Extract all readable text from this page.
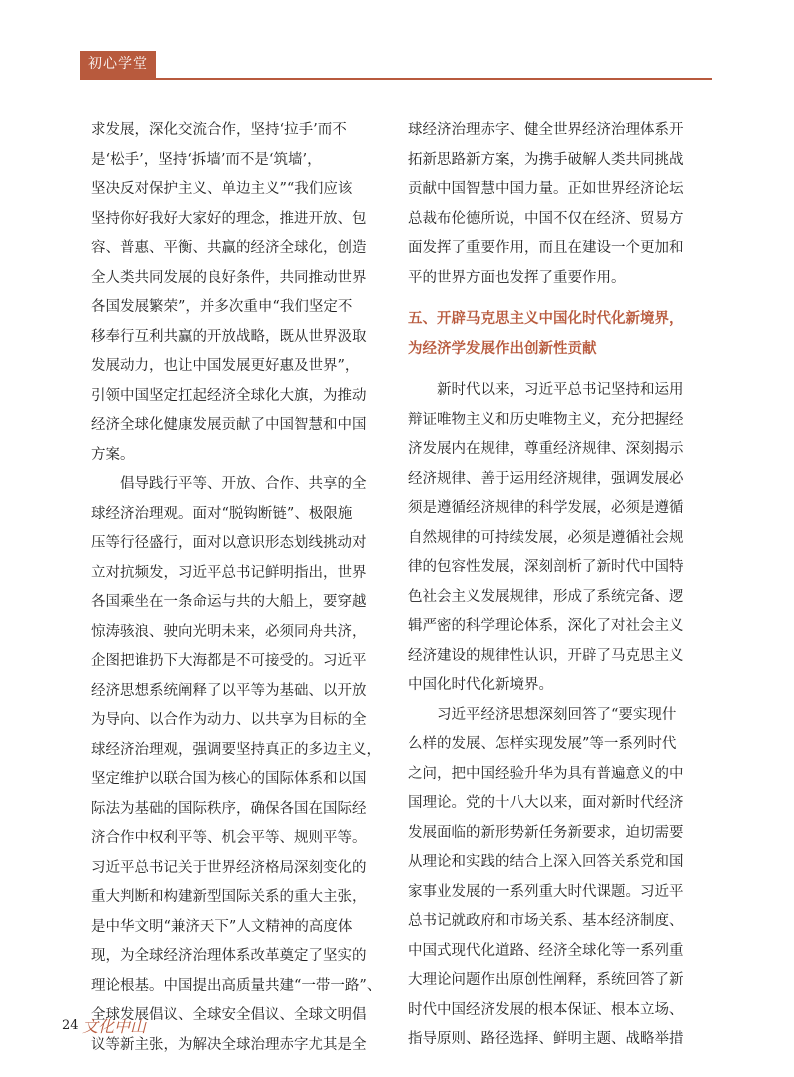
初心学堂

求发展，深化交流合作，坚持‘拉手’而不

是‘松手’，坚持‘拆墙’而不是‘筑墙’，

坚决反对保护主义、单边主义”“我们应该

坚持你好我好大家好的理念，推进开放、包

容、普惠、平衡、共赢的经济全球化，创造

全人类共同发展的良好条件，共同推动世界

各国发展繁荣”，并多次重申“我们坚定不

移奉行互利共赢的开放战略，既从世界汲取

发展动力，也让中国发展更好惠及世界”，

引领中国坚定扛起经济全球化大旗，为推动

经济全球化健康发展贡献了中国智慧和中国

方案。

　　倡导践行平等、开放、合作、共享的全

球经济治理观。面对“脱钩断链”、极限施

压等行径盛行，面对以意识形态划线挑动对

立对抗频发，习近平总书记鲜明指出，世界

各国乘坐在一条命运与共的大船上，要穿越

惊涛骇浪、驶向光明未来，必须同舟共济，

企图把谁扔下大海都是不可接受的。习近平

经济思想系统阐释了以平等为基础、以开放

为导向、以合作为动力、以共享为目标的全

球经济治理观，强调要坚持真正的多边主义，

坚定维护以联合国为核心的国际体系和以国

际法为基础的国际秩序，确保各国在国际经

济合作中权利平等、机会平等、规则平等。

习近平总书记关于世界经济格局深刻变化的

重大判断和构建新型国际关系的重大主张，

是中华文明“兼济天下”人文精神的高度体

现，为全球经济治理体系改革奠定了坚实的

理论根基。中国提出高质量共建“一带一路”、

全球发展倡议、全球安全倡议、全球文明倡

议等新主张，为解决全球治理赤字尤其是全

球经济治理赤字、健全世界经济治理体系开

拓新思路新方案，为携手破解人类共同挑战

贡献中国智慧中国力量。正如世界经济论坛

总裁布伦德所说，中国不仅在经济、贸易方

面发挥了重要作用，而且在建设一个更加和

平的世界方面也发挥了重要作用。

五、开辟马克思主义中国化时代化新境界，
为经济学发展作出创新性贡献

　　新时代以来，习近平总书记坚持和运用

辩证唯物主义和历史唯物主义，充分把握经

济发展内在规律，尊重经济规律、深刻揭示

经济规律、善于运用经济规律，强调发展必

须是遵循经济规律的科学发展，必须是遵循

自然规律的可持续发展，必须是遵循社会规

律的包容性发展，深刻剖析了新时代中国特

色社会主义发展规律，形成了系统完备、逻

辑严密的科学理论体系，深化了对社会主义

经济建设的规律性认识，开辟了马克思主义

中国化时代化新境界。

　　习近平经济思想深刻回答了“要实现什

么样的发展、怎样实现发展”等一系列时代

之问，把中国经验升华为具有普遍意义的中

国理论。党的十八大以来，面对新时代经济

发展面临的新形势新任务新要求，迫切需要

从理论和实践的结合上深入回答关系党和国

家事业发展的一系列重大时代课题。习近平

总书记就政府和市场关系、基本经济制度、

中国式现代化道路、经济全球化等一系列重

大理论问题作出原创性阐释，系统回答了新

时代中国经济发展的根本保证、根本立场、

指导原则、路径选择、鲜明主题、战略举措

24 文化中山
